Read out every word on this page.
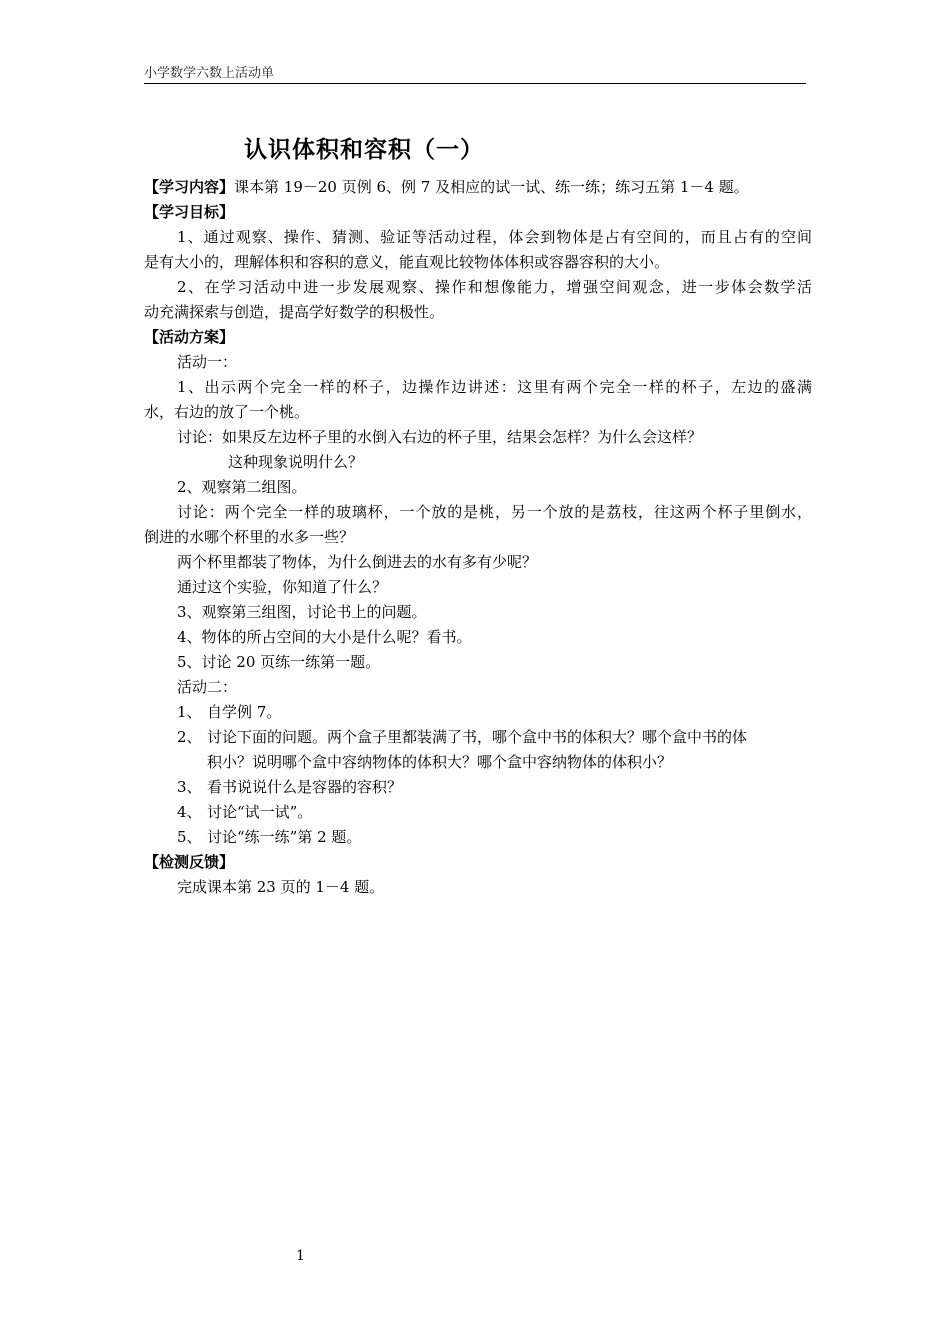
小学数学六数上活动单
认识体积和容积（一）
【学习内容】课本第 19－20 页例 6、例 7 及相应的试一试、练一练；练习五第 1－4 题。
【学习目标】
1、通过观察、操作、猜测、验证等活动过程，体会到物体是占有空间的，而且占有的空间
是有大小的，理解体积和容积的意义，能直观比较物体体积或容器容积的大小。
2、在学习活动中进一步发展观察、操作和想像能力，增强空间观念，进一步体会数学活
动充满探索与创造，提高学好数学的积极性。
【活动方案】
活动一：
1、出示两个完全一样的杯子，边操作边讲述：这里有两个完全一样的杯子，左边的盛满
水，右边的放了一个桃。
讨论：如果反左边杯子里的水倒入右边的杯子里，结果会怎样？为什么会这样？
这种现象说明什么？
2、观察第二组图。
讨论：两个完全一样的玻璃杯，一个放的是桃，另一个放的是荔枝，往这两个杯子里倒水，
倒进的水哪个杯里的水多一些？
两个杯里都装了物体，为什么倒进去的水有多有少呢？
通过这个实验，你知道了什么？
3、观察第三组图，讨论书上的问题。
4、物体的所占空间的大小是什么呢？看书。
5、讨论 20 页练一练第一题。
活动二：
1、 自学例 7。
2、 讨论下面的问题。两个盒子里都装满了书，哪个盒中书的体积大？哪个盒中书的体
积小？说明哪个盒中容纳物体的体积大？哪个盒中容纳物体的体积小？
3、 看书说说什么是容器的容积？
4、 讨论“试一试”。
5、 讨论“练一练”第 2 题。
【检测反馈】
完成课本第 23 页的 1－4 题。
1
